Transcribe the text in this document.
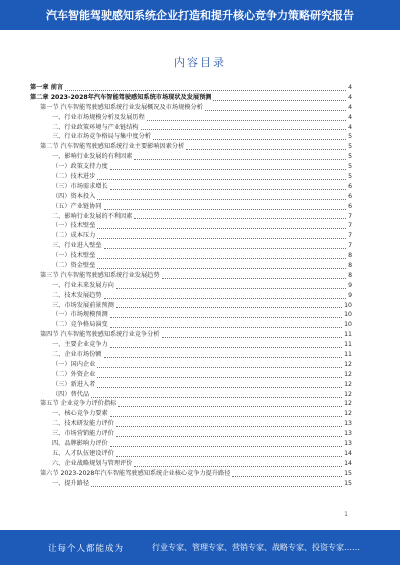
汽车智能驾驶感知系统企业打造和提升核心竞争力策略研究报告
内容目录
第一章 前言	4
第二章 2023-2028年汽车智能驾驶感知系统市场现状及发展预测	4
第一节 汽车智能驾驶感知系统行业发展概况及市场规模分析	4
一、行业市场规模分析及发展历程	4
二、行业政策环境与产业链结构	4
三、行业市场竞争格局与集中度分析	5
第二节 汽车智能驾驶感知系统行业主要影响因素分析	5
一、影响行业发展的有利因素	5
（一）政策支持力度	5
（二）技术进步	5
（三）市场需求增长	6
（四）资本投入	6
（五）产业链协同	6
二、影响行业发展的不利因素	7
（一）技术壁垒	7
（二）成本压力	7
三、行业进入壁垒	7
（一）技术壁垒	8
（二）资金壁垒	8
第三节 汽车智能驾驶感知系统行业发展趋势	8
一、行业未来发展方向	9
二、技术发展趋势	9
三、市场发展前景预测	10
（一）市场规模预测	10
（二）竞争格局演变	10
第四节 汽车智能驾驶感知系统行业竞争分析	11
一、主要企业竞争力	11
二、企业市场份额	11
（一）国内企业	12
（二）外资企业	12
（三）新进入者	12
（四）替代品	12
第五节 企业竞争力评价指标	12
一、核心竞争力要素	12
二、技术研发能力评价	13
三、市场营销能力评价	13
四、品牌影响力评价	13
五、人才队伍建设评价	14
六、企业战略规划与管理评价	14
第六节 2023-2028年汽车智能驾驶感知系统企业核心竞争力提升路径	15
一、提升路径	15
1
让每个人都能成为	行业专家、管理专家、营销专家、战略专家、投资专家……
